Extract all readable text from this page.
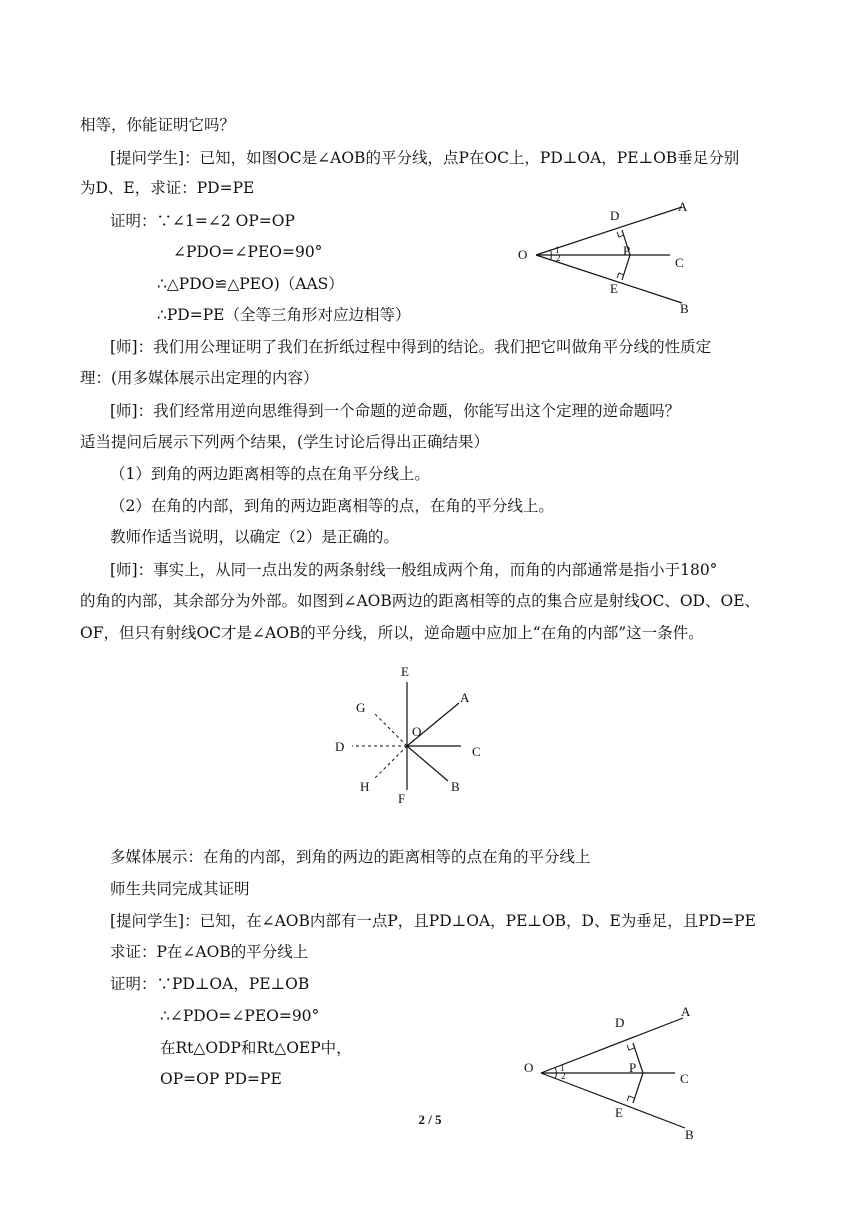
相等，你能证明它吗？
[提问学生]：已知，如图OC是∠AOB的平分线，点P在OC上，PD⊥OA，PE⊥OB垂足分别
为D、E，求证：PD=PE
证明：∵∠1=∠2 OP=OP
∠PDO=∠PEO=90°
∴△PDO≌△PEO)（AAS）
∴PD=PE（全等三角形对应边相等）
[师]：我们用公理证明了我们在折纸过程中得到的结论。我们把它叫做角平分线的性质定
理：(用多媒体展示出定理的内容）
[师]：我们经常用逆向思维得到一个命题的逆命题，你能写出这个定理的逆命题吗？
适当提问后展示下列两个结果，(学生讨论后得出正确结果）
（1）到角的两边距离相等的点在角平分线上。
（2）在角的内部，到角的两边距离相等的点，在角的平分线上。
教师作适当说明，以确定（2）是正确的。
[师]：事实上，从同一点出发的两条射线一般组成两个角，而角的内部通常是指小于180°
的角的内部，其余部分为外部。如图到∠AOB两边的距离相等的点的集合应是射线OC、OD、OE、
OF，但只有射线OC才是∠AOB的平分线，所以，逆命题中应加上“在角的内部”这一条件。
多媒体展示：在角的内部，到角的两边的距离相等的点在角的平分线上
师生共同完成其证明
[提问学生]：已知，在∠AOB内部有一点P，且PD⊥OA，PE⊥OB，D、E为垂足，且PD=PE
求证：P在∠AOB的平分线上
证明：∵PD⊥OA，PE⊥OB
∴∠PDO=∠PEO=90°
在Rt△ODP和Rt△OEP中，
OP=OP PD=PE
O
D
A
P
C
E
B
1
2
E
A
G
O
D	C
H	B
F
O
D
A
P
C
E
B
1
2
2 / 5
